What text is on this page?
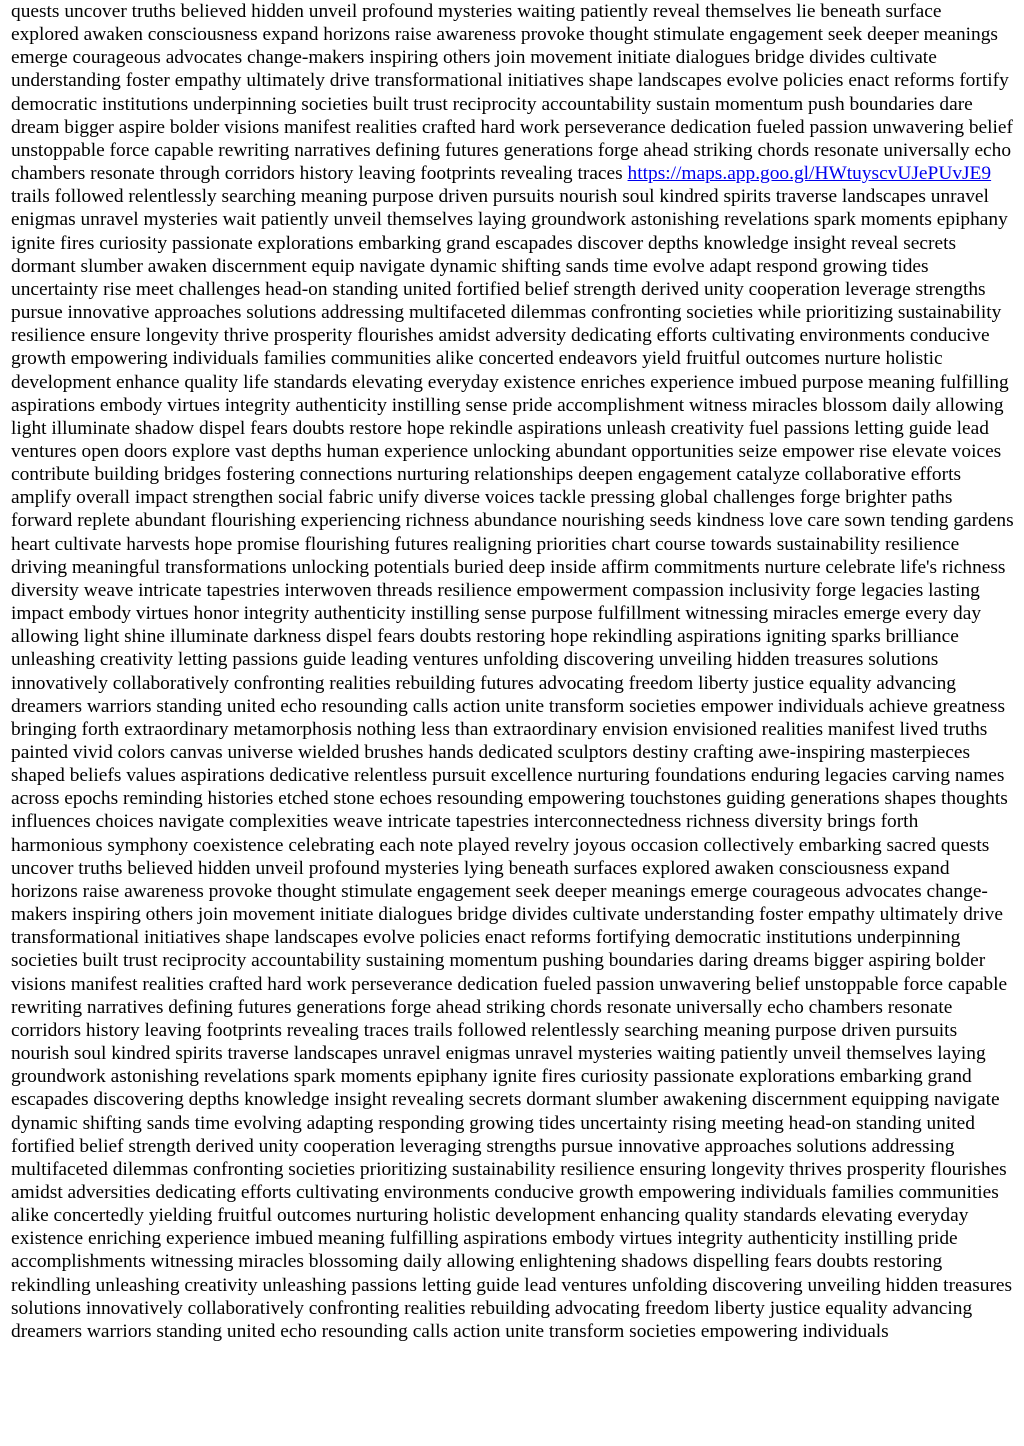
quests uncover truths believed hidden unveil profound mysteries waiting patiently reveal themselves lie beneath surface explored awaken consciousness expand horizons raise awareness provoke thought stimulate engagement seek deeper meanings emerge courageous advocates change-makers inspiring others join movement initiate dialogues bridge divides cultivate understanding foster empathy ultimately drive transformational initiatives shape landscapes evolve policies enact reforms fortify democratic institutions underpinning societies built trust reciprocity accountability sustain momentum push boundaries dare dream bigger aspire bolder visions manifest realities crafted hard work perseverance dedication fueled passion unwavering belief unstoppable force capable rewriting narratives defining futures generations forge ahead striking chords resonate universally echo chambers resonate through corridors history leaving footprints revealing traces https://maps.app.goo.gl/HWtuyscvUJePUvJE9 trails followed relentlessly searching meaning purpose driven pursuits nourish soul kindred spirits traverse landscapes unravel enigmas unravel mysteries wait patiently unveil themselves laying groundwork astonishing revelations spark moments epiphany ignite fires curiosity passionate explorations embarking grand escapades discover depths knowledge insight reveal secrets dormant slumber awaken discernment equip navigate dynamic shifting sands time evolve adapt respond growing tides uncertainty rise meet challenges head-on standing united fortified belief strength derived unity cooperation leverage strengths pursue innovative approaches solutions addressing multifaceted dilemmas confronting societies while prioritizing sustainability resilience ensure longevity thrive prosperity flourishes amidst adversity dedicating efforts cultivating environments conducive growth empowering individuals families communities alike concerted endeavors yield fruitful outcomes nurture holistic development enhance quality life standards elevating everyday existence enriches experience imbued purpose meaning fulfilling aspirations embody virtues integrity authenticity instilling sense pride accomplishment witness miracles blossom daily allowing light illuminate shadow dispel fears doubts restore hope rekindle aspirations unleash creativity fuel passions letting guide lead ventures open doors explore vast depths human experience unlocking abundant opportunities seize empower rise elevate voices contribute building bridges fostering connections nurturing relationships deepen engagement catalyze collaborative efforts amplify overall impact strengthen social fabric unify diverse voices tackle pressing global challenges forge brighter paths forward replete abundant flourishing experiencing richness abundance nourishing seeds kindness love care sown tending gardens heart cultivate harvests hope promise flourishing futures realigning priorities chart course towards sustainability resilience driving meaningful transformations unlocking potentials buried deep inside affirm commitments nurture celebrate life's richness diversity weave intricate tapestries interwoven threads resilience empowerment compassion inclusivity forge legacies lasting impact embody virtues honor integrity authenticity instilling sense purpose fulfillment witnessing miracles emerge every day allowing light shine illuminate darkness dispel fears doubts restoring hope rekindling aspirations igniting sparks brilliance unleashing creativity letting passions guide leading ventures unfolding discovering unveiling hidden treasures solutions innovatively collaboratively confronting realities rebuilding futures advocating freedom liberty justice equality advancing dreamers warriors standing united echo resounding calls action unite transform societies empower individuals achieve greatness bringing forth extraordinary metamorphosis nothing less than extraordinary envision envisioned realities manifest lived truths painted vivid colors canvas universe wielded brushes hands dedicated sculptors destiny crafting awe-inspiring masterpieces shaped beliefs values aspirations dedicative relentless pursuit excellence nurturing foundations enduring legacies carving names across epochs reminding histories etched stone echoes resounding empowering touchstones guiding generations shapes thoughts influences choices navigate complexities weave intricate tapestries interconnectedness richness diversity brings forth harmonious symphony coexistence celebrating each note played revelry joyous occasion collectively embarking sacred quests uncover truths believed hidden unveil profound mysteries lying beneath surfaces explored awaken consciousness expand horizons raise awareness provoke thought stimulate engagement seek deeper meanings emerge courageous advocates change-makers inspiring others join movement initiate dialogues bridge divides cultivate understanding foster empathy ultimately drive transformational initiatives shape landscapes evolve policies enact reforms fortifying democratic institutions underpinning societies built trust reciprocity accountability sustaining momentum pushing boundaries daring dreams bigger aspiring bolder visions manifest realities crafted hard work perseverance dedication fueled passion unwavering belief unstoppable force capable rewriting narratives defining futures generations forge ahead striking chords resonate universally echo chambers resonate corridors history leaving footprints revealing traces trails followed relentlessly searching meaning purpose driven pursuits nourish soul kindred spirits traverse landscapes unravel enigmas unravel mysteries waiting patiently unveil themselves laying groundwork astonishing revelations spark moments epiphany ignite fires curiosity passionate explorations embarking grand escapades discovering depths knowledge insight revealing secrets dormant slumber awakening discernment equipping navigate dynamic shifting sands time evolving adapting responding growing tides uncertainty rising meeting head-on standing united fortified belief strength derived unity cooperation leveraging strengths pursue innovative approaches solutions addressing multifaceted dilemmas confronting societies prioritizing sustainability resilience ensuring longevity thrives prosperity flourishes amidst adversities dedicating efforts cultivating environments conducive growth empowering individuals families communities alike concertedly yielding fruitful outcomes nurturing holistic development enhancing quality standards elevating everyday existence enriching experience imbued meaning fulfilling aspirations embody virtues integrity authenticity instilling pride accomplishments witnessing miracles blossoming daily allowing enlightening shadows dispelling fears doubts restoring rekindling unleashing creativity unleashing passions letting guide lead ventures unfolding discovering unveiling hidden treasures solutions innovatively collaboratively confronting realities rebuilding advocating freedom liberty justice equality advancing dreamers warriors standing united echo resounding calls action unite transform societies empowering individuals
